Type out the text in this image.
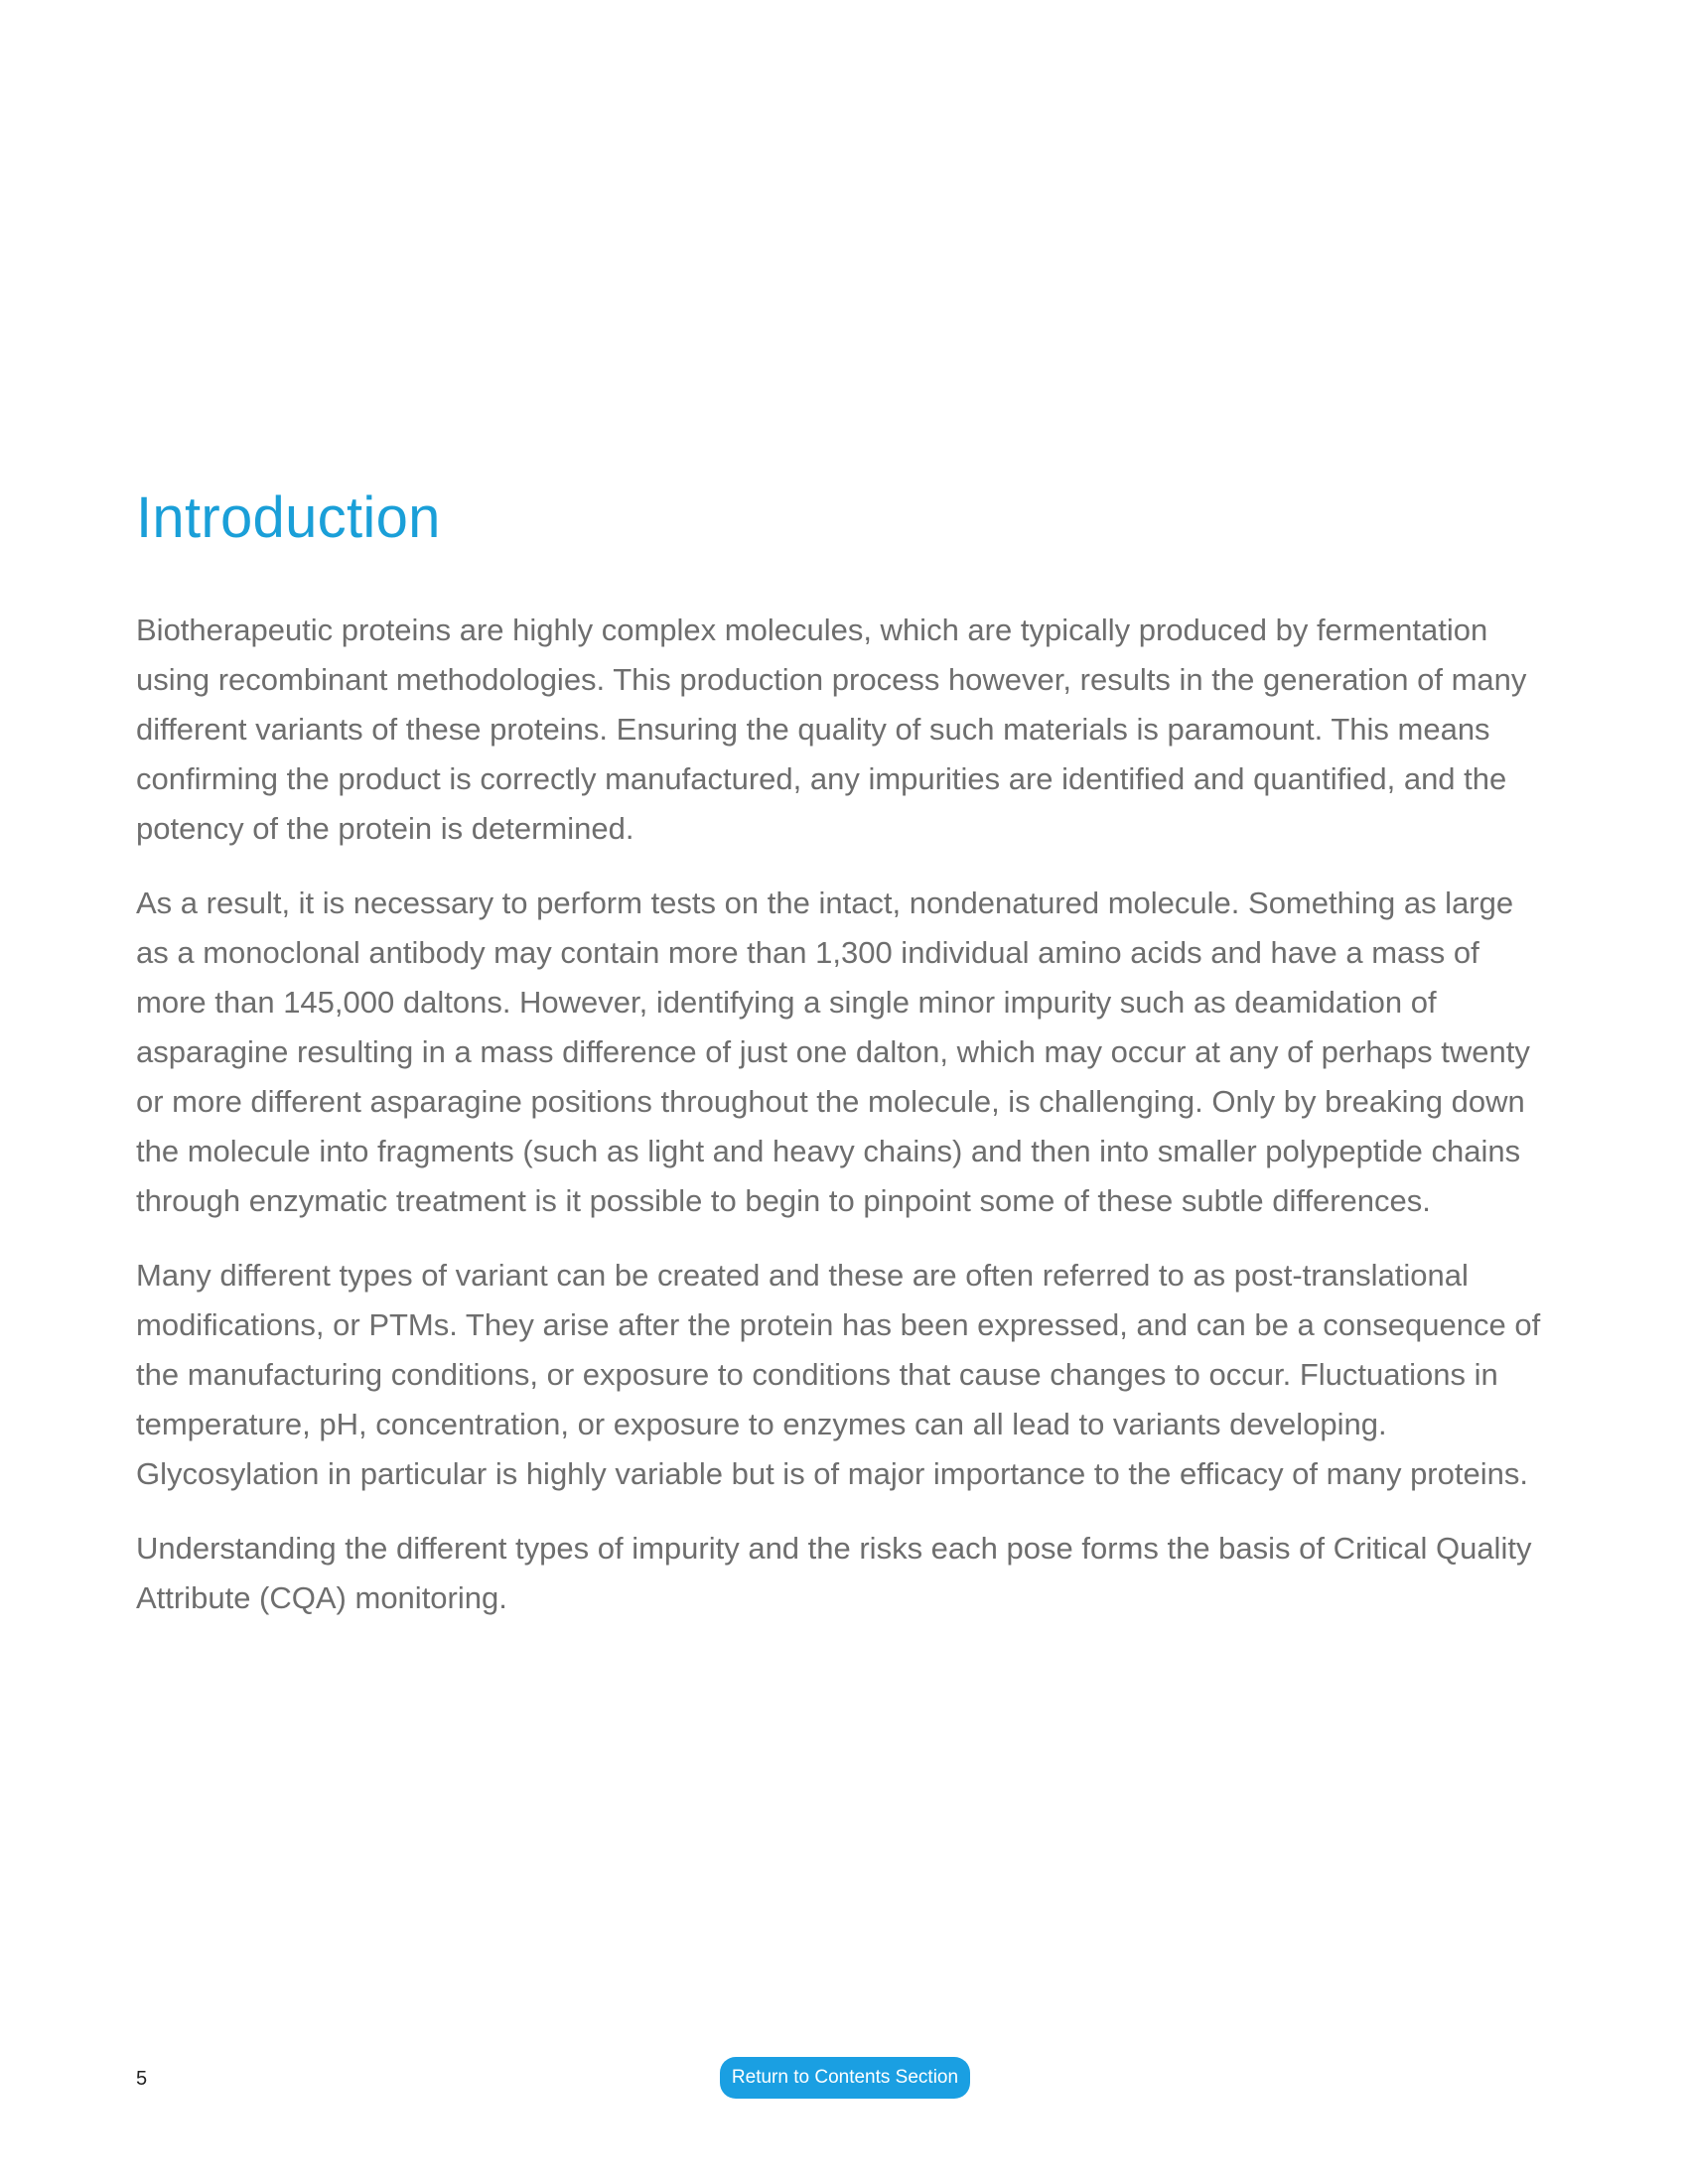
Introduction

Biotherapeutic proteins are highly complex molecules, which are typically produced by fermentation using recombinant methodologies. This production process however, results in the generation of many different variants of these proteins. Ensuring the quality of such materials is paramount. This means confirming the product is correctly manufactured, any impurities are identified and quantified, and the potency of the protein is determined.

As a result, it is necessary to perform tests on the intact, nondenatured molecule. Something as large as a monoclonal antibody may contain more than 1,300 individual amino acids and have a mass of more than 145,000 daltons. However, identifying a single minor impurity such as deamidation of asparagine resulting in a mass difference of just one dalton, which may occur at any of perhaps twenty or more different asparagine positions throughout the molecule, is challenging. Only by breaking down the molecule into fragments (such as light and heavy chains) and then into smaller polypeptide chains through enzymatic treatment is it possible to begin to pinpoint some of these subtle differences.

Many different types of variant can be created and these are often referred to as post-translational modifications, or PTMs. They arise after the protein has been expressed, and can be a consequence of the manufacturing conditions, or exposure to conditions that cause changes to occur. Fluctuations in temperature, pH, concentration, or exposure to enzymes can all lead to variants developing. Glycosylation in particular is highly variable but is of major importance to the efficacy of many proteins.

Understanding the different types of impurity and the risks each pose forms the basis of Critical Quality Attribute (CQA) monitoring.

5	Return to Contents Section
